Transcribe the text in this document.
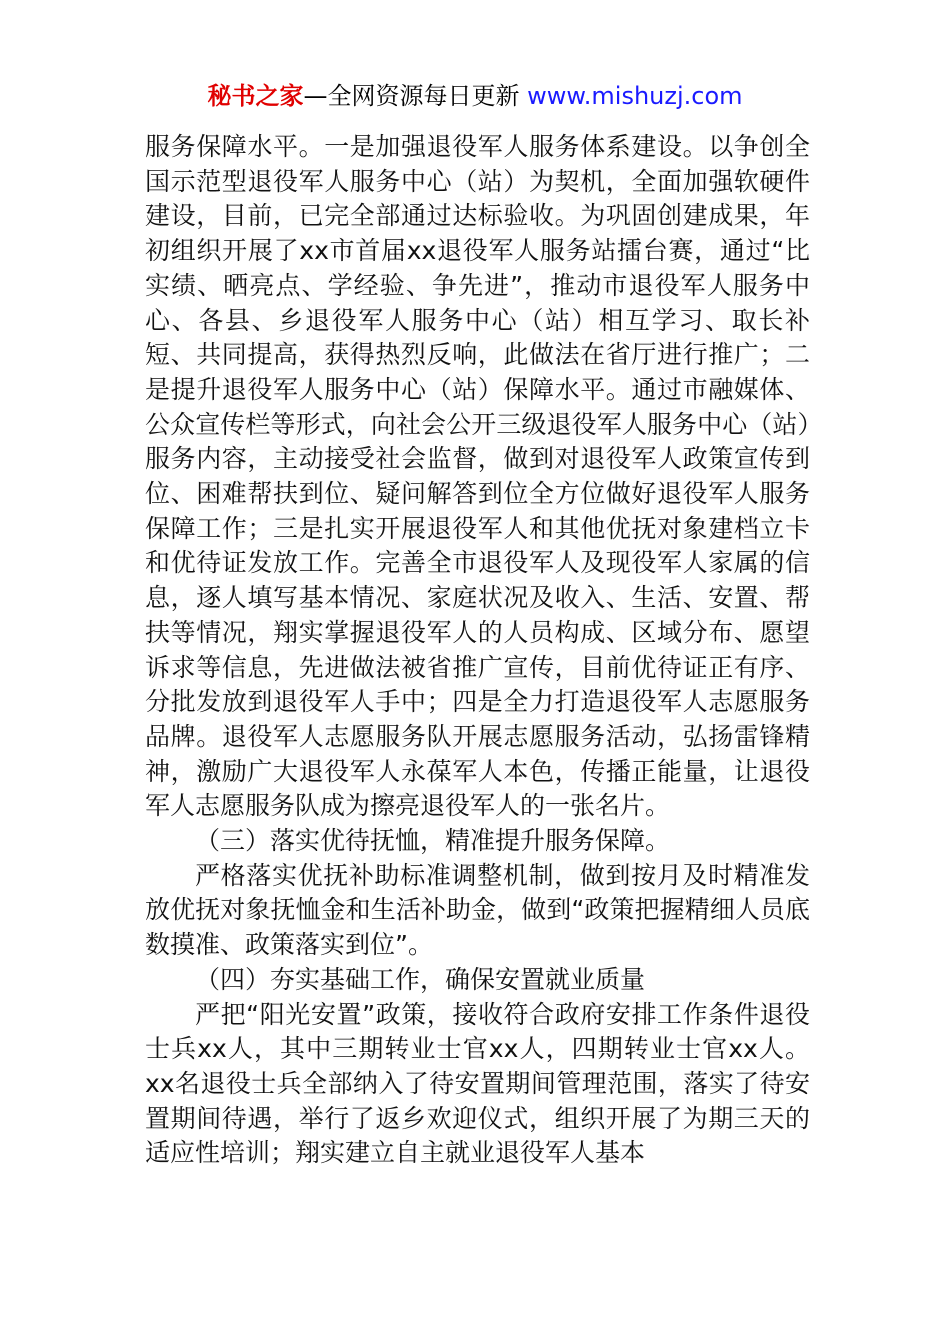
秘书之家—全网资源每日更新 www.mishuzj.com

服务保障水平。一是加强退役军人服务体系建设。以争创全国示范型退役军人服务中心（站）为契机，全面加强软硬件建设，目前，已完全部通过达标验收。为巩固创建成果，年初组织开展了xx市首届xx退役军人服务站擂台赛，通过“比实绩、晒亮点、学经验、争先进”，推动市退役军人服务中心、各县、乡退役军人服务中心（站）相互学习、取长补短、共同提高，获得热烈反响，此做法在省厅进行推广；二是提升退役军人服务中心（站）保障水平。通过市融媒体、公众宣传栏等形式，向社会公开三级退役军人服务中心（站）服务内容，主动接受社会监督，做到对退役军人政策宣传到位、困难帮扶到位、疑问解答到位全方位做好退役军人服务保障工作；三是扎实开展退役军人和其他优抚对象建档立卡和优待证发放工作。完善全市退役军人及现役军人家属的信息，逐人填写基本情况、家庭状况及收入、生活、安置、帮扶等情况，翔实掌握退役军人的人员构成、区域分布、愿望诉求等信息，先进做法被省推广宣传，目前优待证正有序、分批发放到退役军人手中；四是全力打造退役军人志愿服务品牌。退役军人志愿服务队开展志愿服务活动，弘扬雷锋精神，激励广大退役军人永葆军人本色，传播正能量，让退役军人志愿服务队成为擦亮退役军人的一张名片。

（三）落实优待抚恤，精准提升服务保障。

严格落实优抚补助标准调整机制，做到按月及时精准发放优抚对象抚恤金和生活补助金，做到“政策把握精细人员底数摸准、政策落实到位”。

（四）夯实基础工作，确保安置就业质量

严把“阳光安置”政策，接收符合政府安排工作条件退役士兵xx人，其中三期转业士官xx人，四期转业士官xx人。xx名退役士兵全部纳入了待安置期间管理范围，落实了待安置期间待遇，举行了返乡欢迎仪式，组织开展了为期三天的适应性培训；翔实建立自主就业退役军人基本
